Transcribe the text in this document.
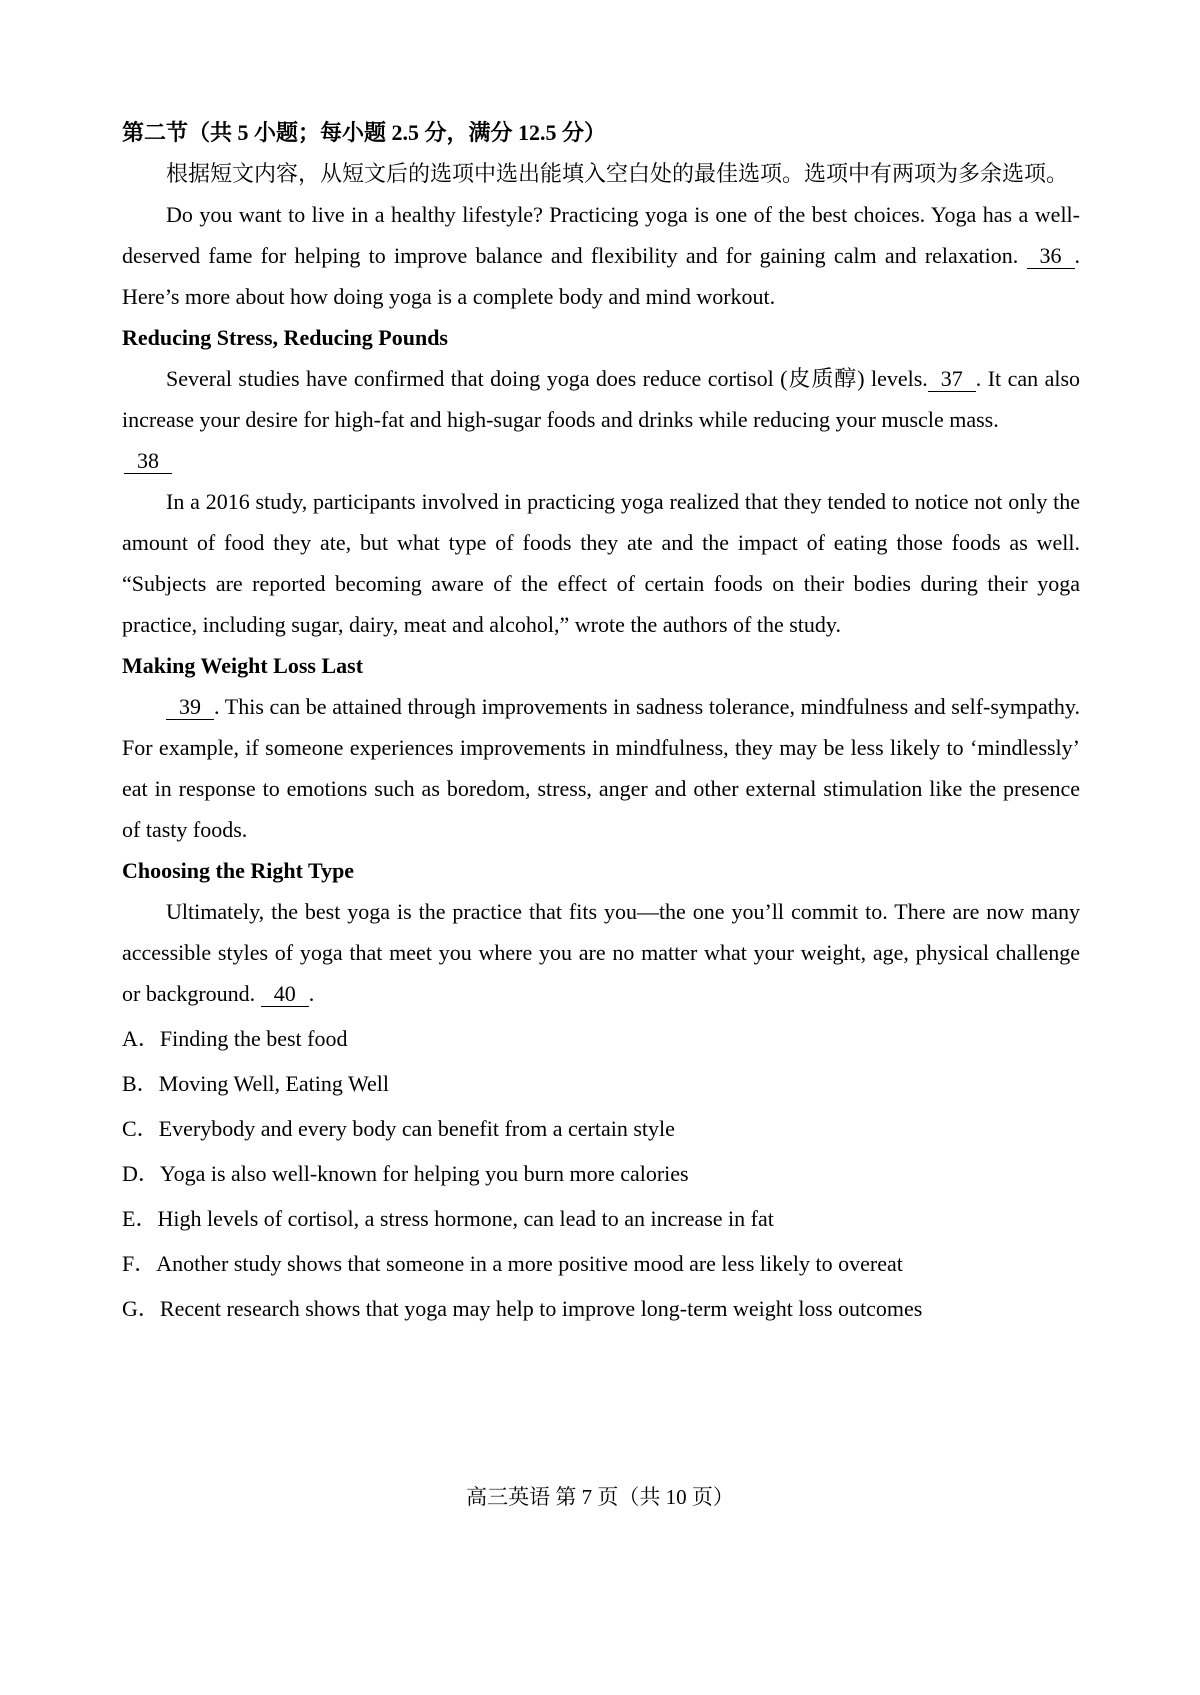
第二节（共 5 小题；每小题 2.5 分，满分 12.5 分）

根据短文内容，从短文后的选项中选出能填入空白处的最佳选项。选项中有两项为多余选项。

Do you want to live in a healthy lifestyle? Practicing yoga is one of the best choices. Yoga has a well-deserved fame for helping to improve balance and flexibility and for gaining calm and relaxation. 36 . Here’s more about how doing yoga is a complete body and mind workout.

Reducing Stress, Reducing Pounds

Several studies have confirmed that doing yoga does reduce cortisol (皮质醇) levels. 37 . It can also increase your desire for high-fat and high-sugar foods and drinks while reducing your muscle mass.

38

In a 2016 study, participants involved in practicing yoga realized that they tended to notice not only the amount of food they ate, but what type of foods they ate and the impact of eating those foods as well. “Subjects are reported becoming aware of the effect of certain foods on their bodies during their yoga practice, including sugar, dairy, meat and alcohol,” wrote the authors of the study.

Making Weight Loss Last

39 . This can be attained through improvements in sadness tolerance, mindfulness and self-sympathy. For example, if someone experiences improvements in mindfulness, they may be less likely to ‘mindlessly’ eat in response to emotions such as boredom, stress, anger and other external stimulation like the presence of tasty foods.

Choosing the Right Type

Ultimately, the best yoga is the practice that fits you—the one you’ll commit to. There are now many accessible styles of yoga that meet you where you are no matter what your weight, age, physical challenge or background. 40 .

A．Finding the best food

B．Moving Well, Eating Well

C．Everybody and every body can benefit from a certain style

D．Yoga is also well-known for helping you burn more calories

E．High levels of cortisol, a stress hormone, can lead to an increase in fat

F．Another study shows that someone in a more positive mood are less likely to overeat

G．Recent research shows that yoga may help to improve long-term weight loss outcomes

高三英语 第 7 页（共 10 页）
